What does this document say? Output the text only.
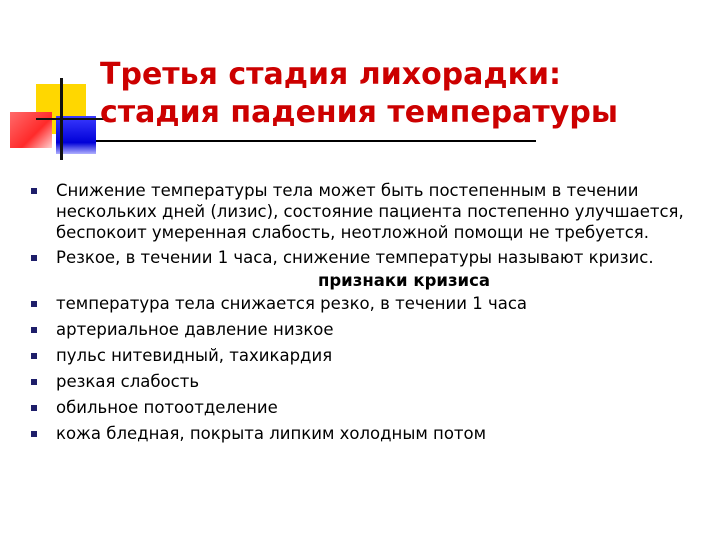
Третья стадия лихорадки: стадия падения температуры
Снижение температуры тела может быть постепенным в течении нескольких дней (лизис), состояние пациента постепенно улучшается, беспокоит умеренная слабость, неотложной помощи не требуется.
Резкое, в течении 1 часа, снижение температуры называют кризис.
признаки кризиса
температура тела снижается резко, в течении 1 часа
артериальное давление низкое
пульс нитевидный, тахикардия
резкая слабость
обильное потоотделение
кожа бледная, покрыта липким холодным потом
